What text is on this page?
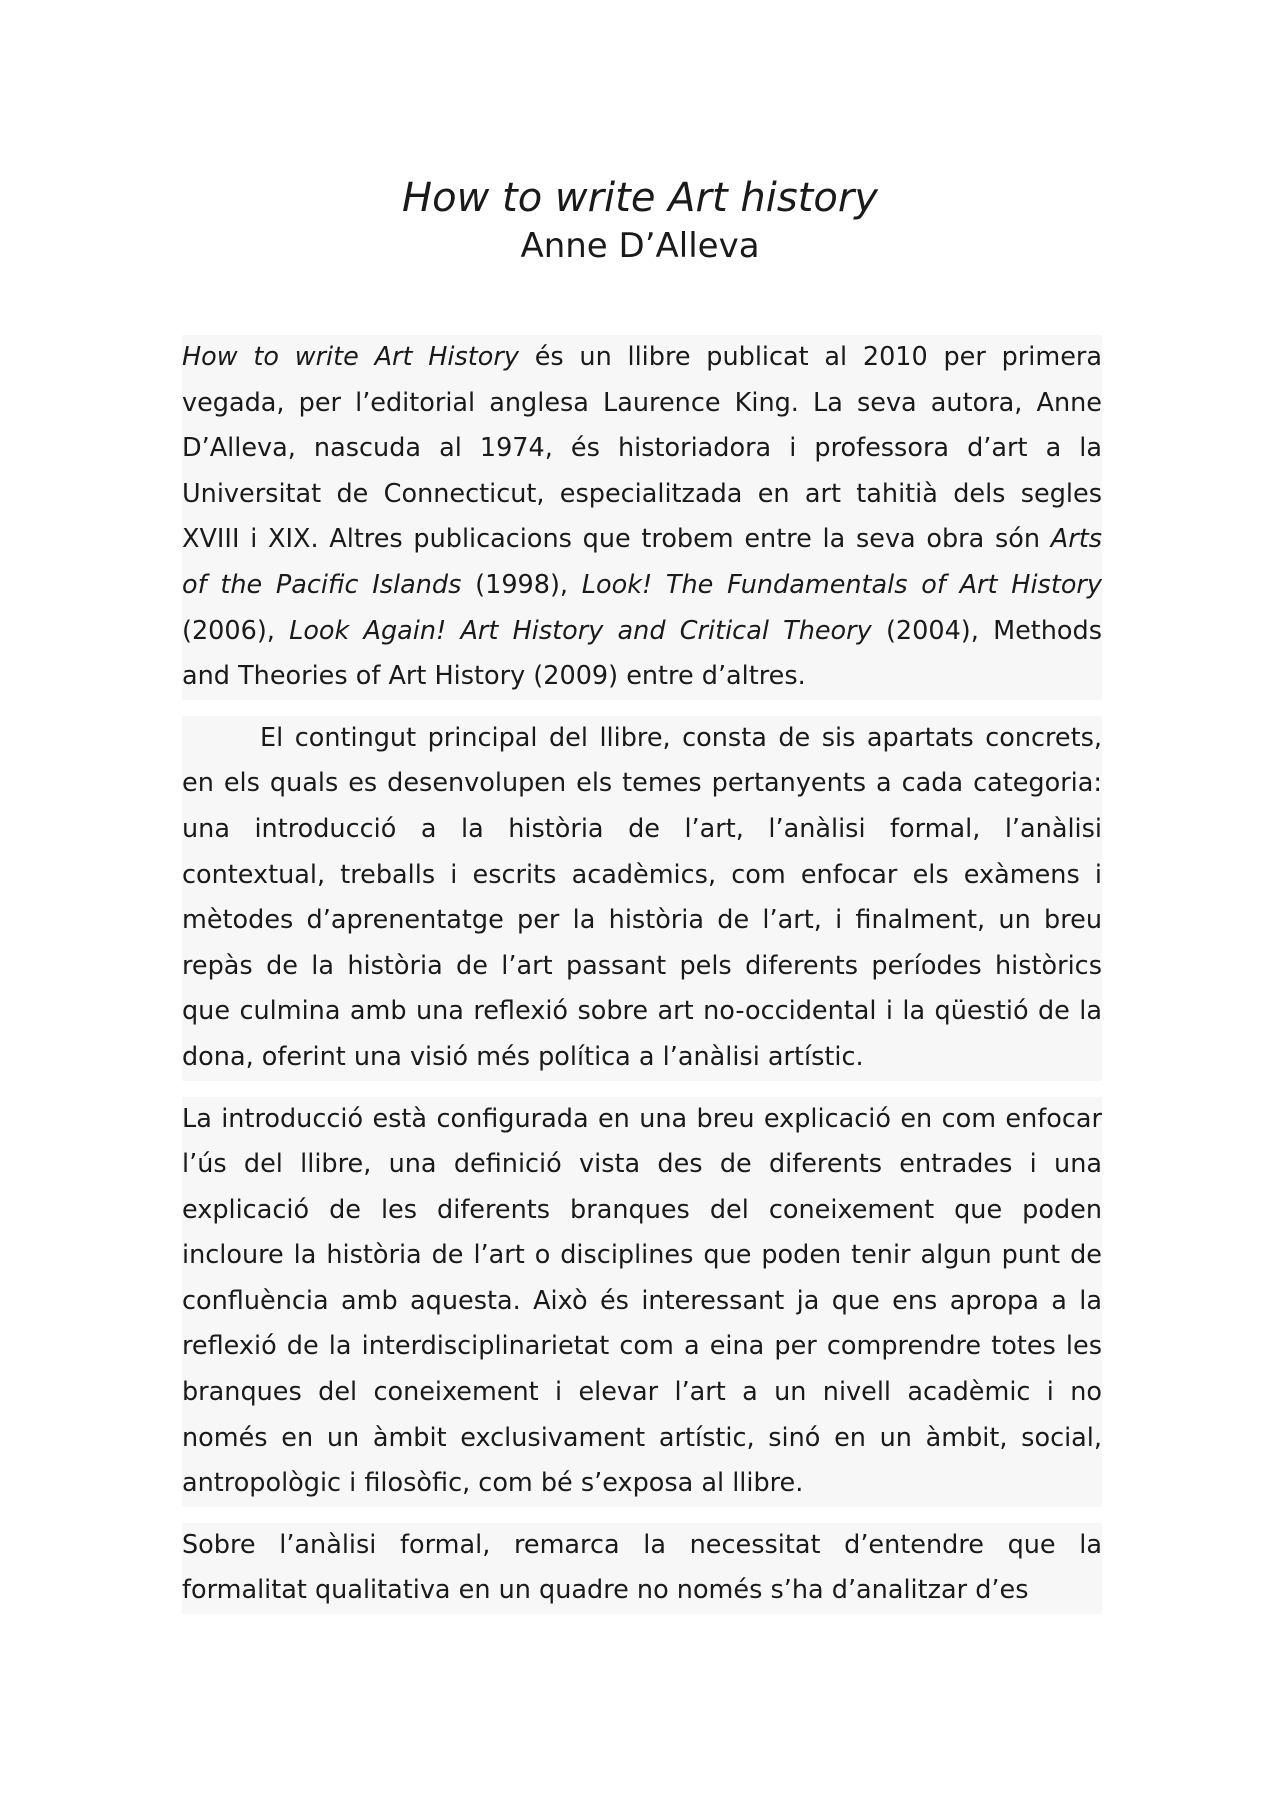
How to write Art history
Anne D’Alleva

How to write Art History és un llibre publicat al 2010 per primera vegada, per l’editorial anglesa Laurence King. La seva autora, Anne D’Alleva, nascuda al 1974, és historiadora i professora d’art a la Universitat de Connecticut, especialitzada en art tahitià dels segles XVIII i XIX. Altres publicacions que trobem entre la seva obra són Arts of the Pacific Islands (1998), Look! The Fundamentals of Art History (2006), Look Again! Art History and Critical Theory (2004), Methods and Theories of Art History (2009) entre d’altres.

El contingut principal del llibre, consta de sis apartats concrets, en els quals es desenvolupen els temes pertanyents a cada categoria: una introducció a la història de l’art, l’anàlisi formal, l’anàlisi contextual, treballs i escrits acadèmics, com enfocar els exàmens i mètodes d’aprenentatge per la història de l’art, i finalment, un breu repàs de la història de l’art passant pels diferents períodes històrics que culmina amb una reflexió sobre art no-occidental i la qüestió de la dona, oferint una visió més política a l’anàlisi artístic.

La introducció està configurada en una breu explicació en com enfocar l’ús del llibre, una definició vista des de diferents entrades i una explicació de les diferents branques del coneixement que poden incloure la història de l’art o disciplines que poden tenir algun punt de confluència amb aquesta. Això és interessant ja que ens apropa a la reflexió de la interdisciplinarietat com a eina per comprendre totes les branques del coneixement i elevar l’art a un nivell acadèmic i no només en un àmbit exclusivament artístic, sinó en un àmbit, social, antropològic i filosòfic, com bé s’exposa al llibre.

Sobre l’anàlisi formal, remarca la necessitat d’entendre que la formalitat qualitativa en un quadre no només s’ha d’analitzar d’es
